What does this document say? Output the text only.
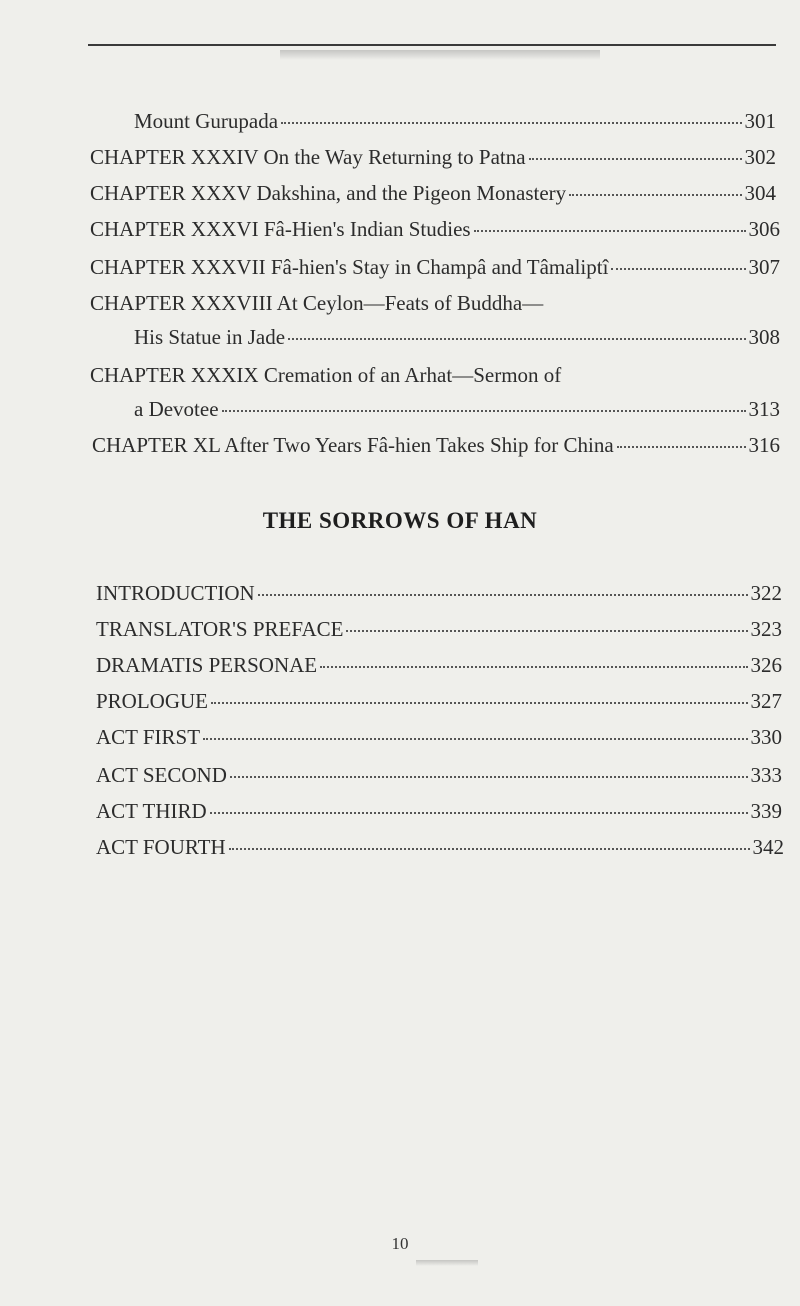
Mount Gurupada	301
CHAPTER XXXIV On the Way Returning to Patna	302
CHAPTER XXXV Dakshina, and the Pigeon Monastery	304
CHAPTER XXXVI Fâ-Hien's Indian Studies	306
CHAPTER XXXVII Fâ-hien's Stay in Champâ and Tâmaliptî	307
CHAPTER XXXVIII At Ceylon—Feats of Buddha—
His Statue in Jade	308
CHAPTER XXXIX Cremation of an Arhat—Sermon of
a Devotee	313
CHAPTER XL After Two Years Fâ-hien Takes Ship for China	316
THE SORROWS OF HAN
INTRODUCTION	322
TRANSLATOR'S PREFACE	323
DRAMATIS PERSONAE	326
PROLOGUE	327
ACT FIRST	330
ACT SECOND	333
ACT THIRD	339
ACT FOURTH	342
10
